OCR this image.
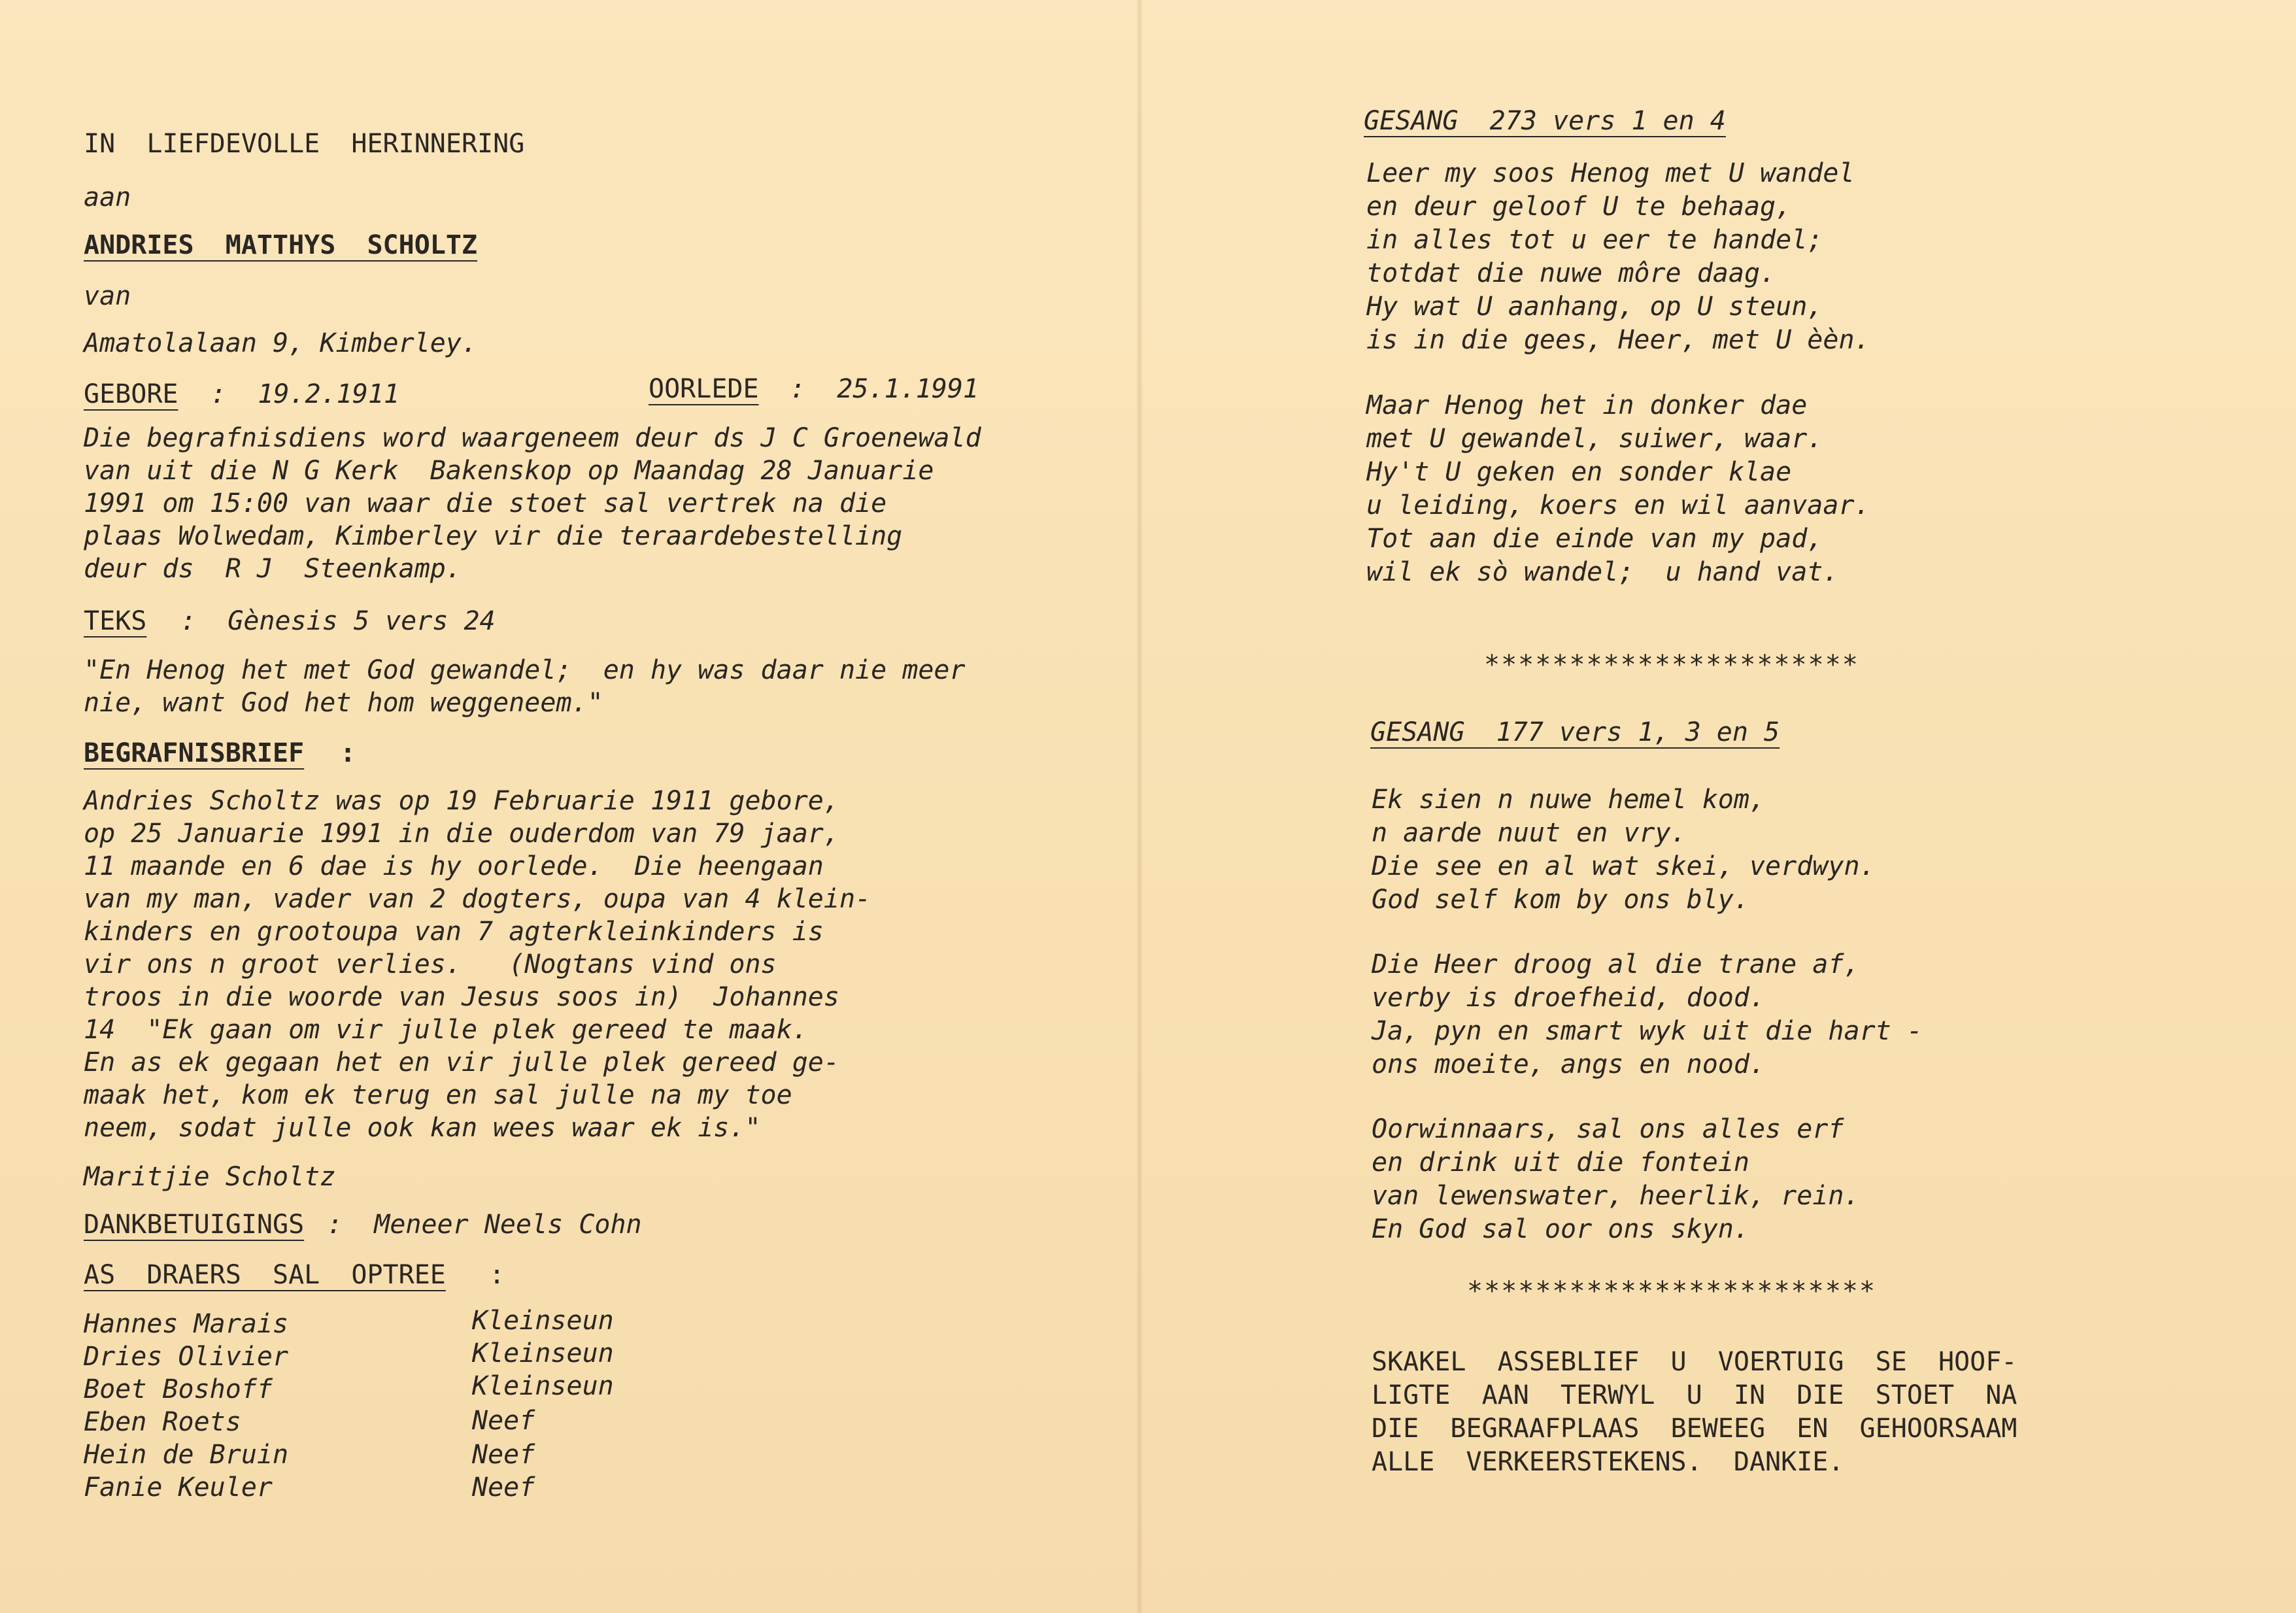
IN  LIEFDEVOLLE  HERINNERING
aan
ANDRIES  MATTHYS  SCHOLTZ
van
Amatolalaan 9, Kimberley.
GEBORE :  19.2.1911	OORLEDE :  25.1.1991
Die begrafnisdiens word waargeneem deur ds J C Groenewald
van uit die N G Kerk  Bakenskop op Maandag 28 Januarie
1991 om 15:00 van waar die stoet sal vertrek na die
plaas Wolwedam, Kimberley vir die teraardebestelling
deur ds  R J  Steenkamp.
TEKS :  Gènesis 5 vers 24
"En Henog het met God gewandel;  en hy was daar nie meer
nie, want God het hom weggeneem."
BEGRAFNISBRIEF :
Andries Scholtz was op 19 Februarie 1911 gebore,
op 25 Januarie 1991 in die ouderdom van 79 jaar,
11 maande en 6 dae is hy oorlede.  Die heengaan
van my man, vader van 2 dogters, oupa van 4 klein-
kinders en grootoupa van 7 agterkleinkinders is
vir ons n groot verlies.   (Nogtans vind ons
troos in die woorde van Jesus soos in)  Johannes
14  "Ek gaan om vir julle plek gereed te maak.
En as ek gegaan het en vir julle plek gereed ge-
maak het, kom ek terug en sal julle na my toe
neem, sodat julle ook kan wees waar ek is."
Maritjie Scholtz
DANKBETUIGINGS :  Meneer Neels Cohn
AS  DRAERS  SAL  OPTREE :
Hannes Marais	Kleinseun
Dries Olivier	Kleinseun
Boet Boshoff	Kleinseun
Eben Roets	Neef
Hein de Bruin	Neef
Fanie Keuler	Neef
GESANG  273 vers 1 en 4
Leer my soos Henog met U wandel
en deur geloof U te behaag,
in alles tot u eer te handel;
totdat die nuwe môre daag.
Hy wat U aanhang, op U steun,
is in die gees, Heer, met U èèn.
Maar Henog het in donker dae
met U gewandel, suiwer, waar.
Hy't U geken en sonder klae
u leiding, koers en wil aanvaar.
Tot aan die einde van my pad,
wil ek sò wandel;  u hand vat.
**********************
GESANG  177 vers 1, 3 en 5
Ek sien n nuwe hemel kom,
n aarde nuut en vry.
Die see en al wat skei, verdwyn.
God self kom by ons bly.
Die Heer droog al die trane af,
verby is droefheid, dood.
Ja, pyn en smart wyk uit die hart -
ons moeite, angs en nood.
Oorwinnaars, sal ons alles erf
en drink uit die fontein
van lewenswater, heerlik, rein.
En God sal oor ons skyn.
************************
SKAKEL  ASSEBLIEF  U  VOERTUIG  SE  HOOF-
LIGTE  AAN  TERWYL  U  IN  DIE  STOET  NA
DIE  BEGRAAFPLAAS  BEWEEG  EN  GEHOORSAAM
ALLE  VERKEERSTEKENS.  DANKIE.
